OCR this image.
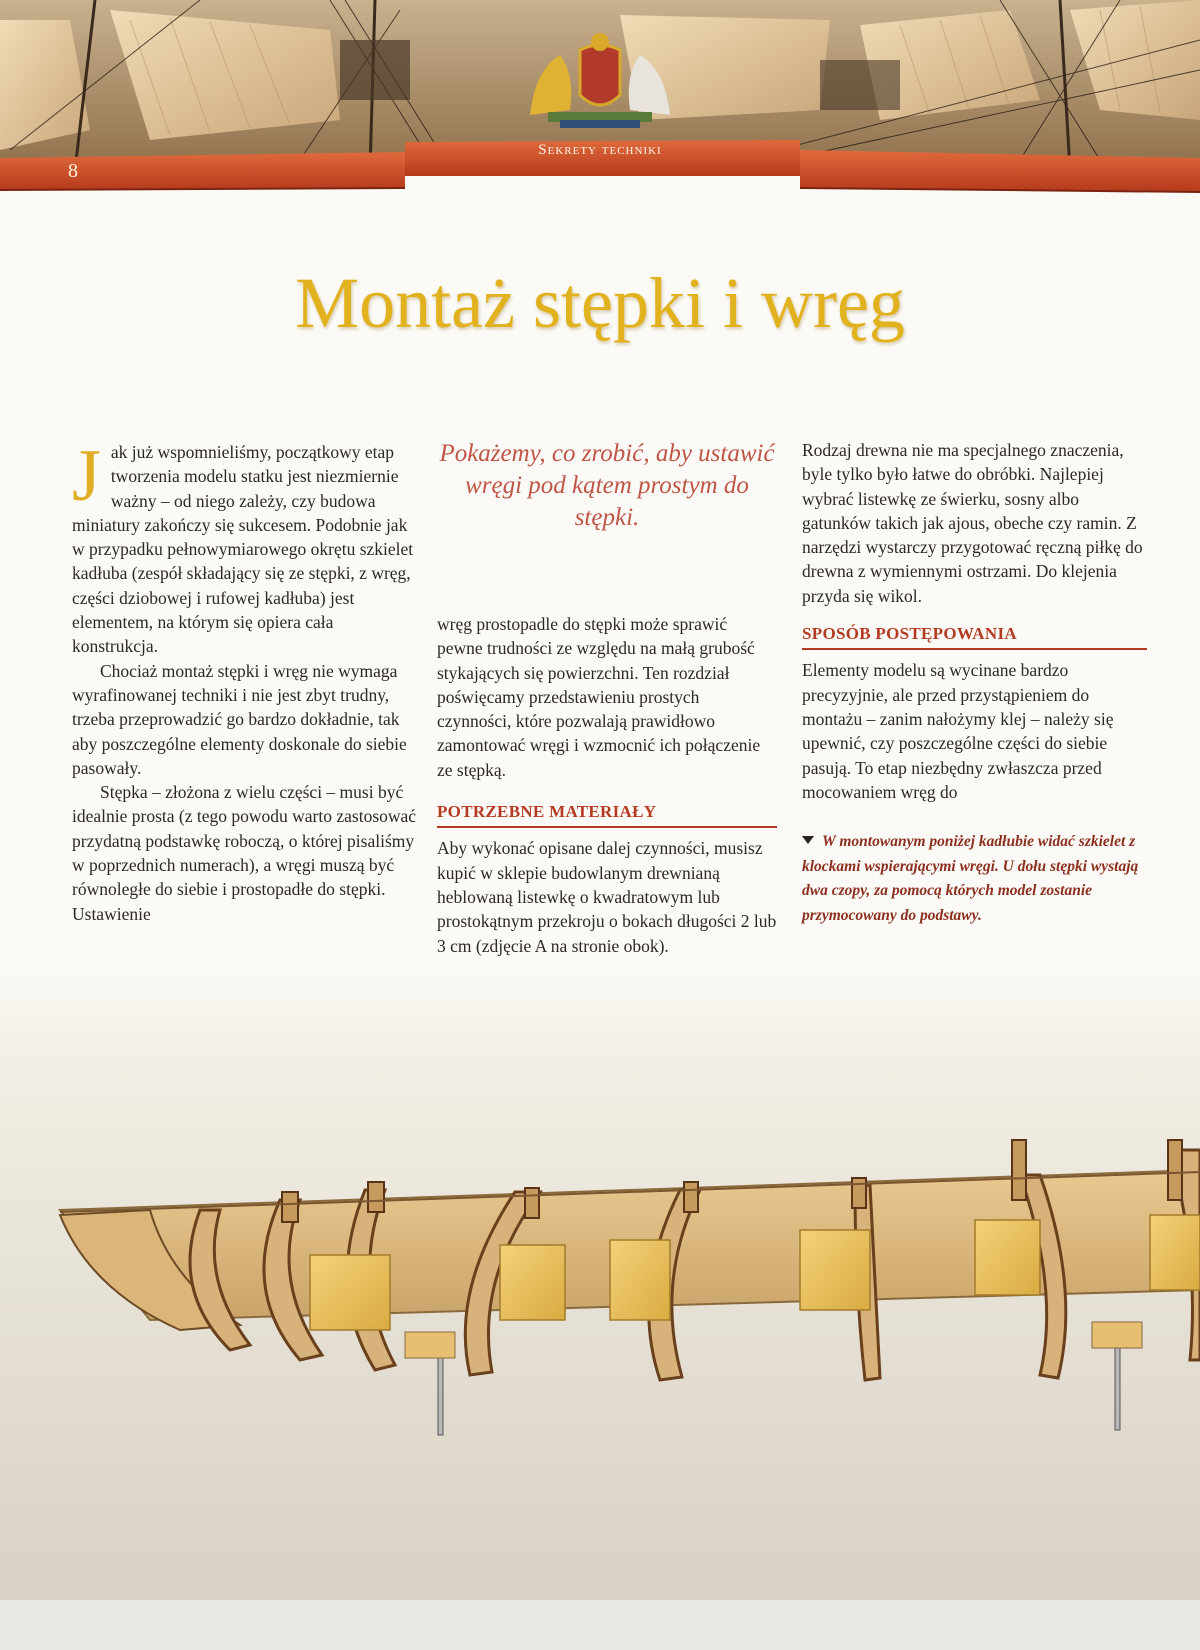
8
Sekrety techniki
Montaż stępki i wręg

Jak już wspomnieliśmy, początkowy etap tworzenia modelu statku jest niezmiernie ważny – od niego zależy, czy budowa miniatury zakończy się sukcesem. Podobnie jak w przypadku pełnowymiarowego okrętu szkielet kadłuba (zespół składający się ze stępki, z wręg, części dziobowej i rufowej kadłuba) jest elementem, na którym się opiera cała konstrukcja.

Chociaż montaż stępki i wręg nie wymaga wyrafinowanej techniki i nie jest zbyt trudny, trzeba przeprowadzić go bardzo dokładnie, tak aby poszczególne elementy doskonale do siebie pasowały.

Stępka – złożona z wielu części – musi być idealnie prosta (z tego powodu warto zastosować przydatną podstawkę roboczą, o której pisaliśmy w poprzednich numerach), a wręgi muszą być równoległe do siebie i prostopadłe do stępki. Ustawienie

Pokażemy, co zrobić, aby ustawić wręgi pod kątem prostym do stępki.

wręg prostopadle do stępki może sprawić pewne trudności ze względu na małą grubość stykających się powierzchni. Ten rozdział poświęcamy przedstawieniu prostych czynności, które pozwalają prawidłowo zamontować wręgi i wzmocnić ich połączenie ze stępką.

POTRZEBNE MATERIAŁY

Aby wykonać opisane dalej czynności, musisz kupić w sklepie budowlanym drewnianą heblowaną listewkę o kwadratowym lub prostokątnym przekroju o bokach długości 2 lub 3 cm (zdjęcie A na stronie obok).

Rodzaj drewna nie ma specjalnego znaczenia, byle tylko było łatwe do obróbki. Najlepiej wybrać listewkę ze świerku, sosny albo gatunków takich jak ajous, obeche czy ramin. Z narzędzi wystarczy przygotować ręczną piłkę do drewna z wymiennymi ostrzami. Do klejenia przyda się wikol.

SPOSÓB POSTĘPOWANIA

Elementy modelu są wycinane bardzo precyzyjnie, ale przed przystąpieniem do montażu – zanim nałożymy klej – należy się upewnić, czy poszczególne części do siebie pasują. To etap niezbędny zwłaszcza przed mocowaniem wręg do

W montowanym poniżej kadłubie widać szkielet z klockami wspierającymi wręgi. U dołu stępki wystają dwa czopy, za pomocą których model zostanie przymocowany do podstawy.
